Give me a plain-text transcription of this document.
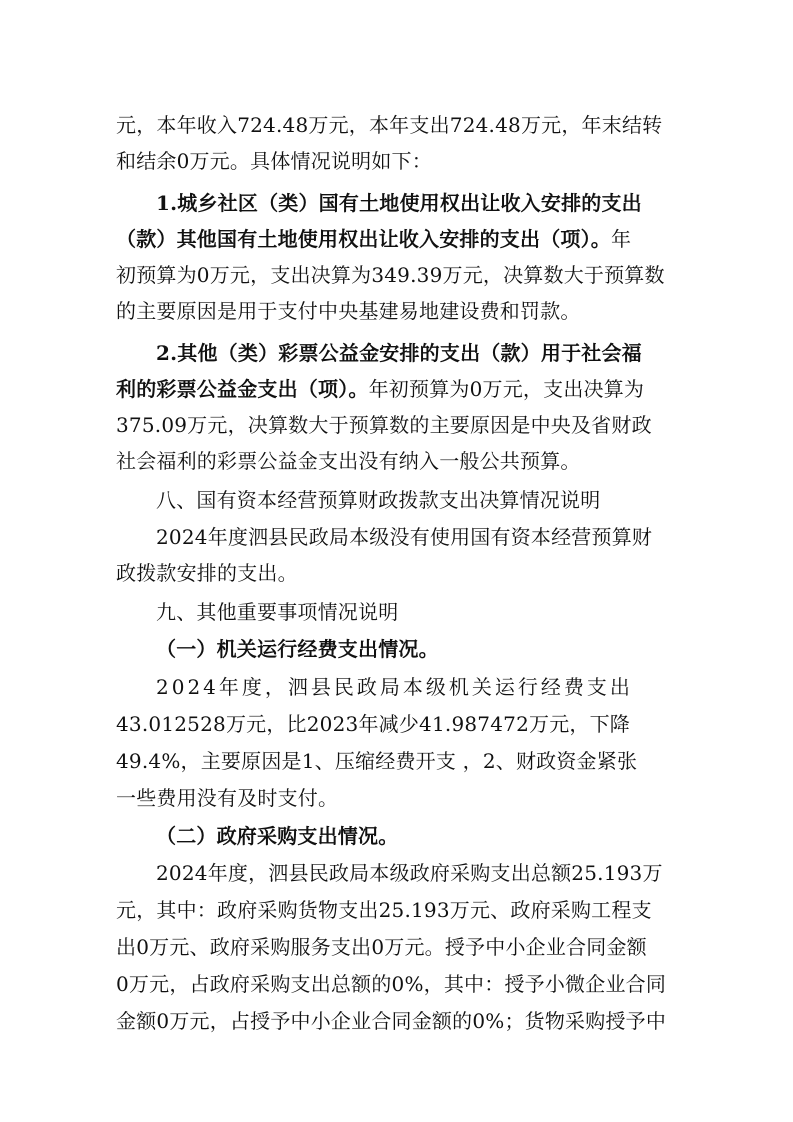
元，本年收入724.48万元，本年支出724.48万元，年末结转
和结余0万元。具体情况说明如下：
1.城乡社区（类）国有土地使用权出让收入安排的支出
（款）其他国有土地使用权出让收入安排的支出（项）。年
初预算为0万元，支出决算为349.39万元，决算数大于预算数
的主要原因是用于支付中央基建易地建设费和罚款。
2.其他（类）彩票公益金安排的支出（款）用于社会福
利的彩票公益金支出（项）。年初预算为0万元，支出决算为
375.09万元，决算数大于预算数的主要原因是中央及省财政
社会福利的彩票公益金支出没有纳入一般公共预算。
八、国有资本经营预算财政拨款支出决算情况说明
2024年度泗县民政局本级没有使用国有资本经营预算财
政拨款安排的支出。
九、其他重要事项情况说明
（一）机关运行经费支出情况。
2024年度，泗县民政局本级机关运行经费支出
43.012528万元，比2023年减少41.987472万元，下降
49.4%，主要原因是1、压缩经费开支 ，2、财政资金紧张
一些费用没有及时支付。
（二）政府采购支出情况。
2024年度，泗县民政局本级政府采购支出总额25.193万
元，其中：政府采购货物支出25.193万元、政府采购工程支
出0万元、政府采购服务支出0万元。授予中小企业合同金额
0万元，占政府采购支出总额的0%，其中：授予小微企业合同
金额0万元，占授予中小企业合同金额的0%；货物采购授予中
